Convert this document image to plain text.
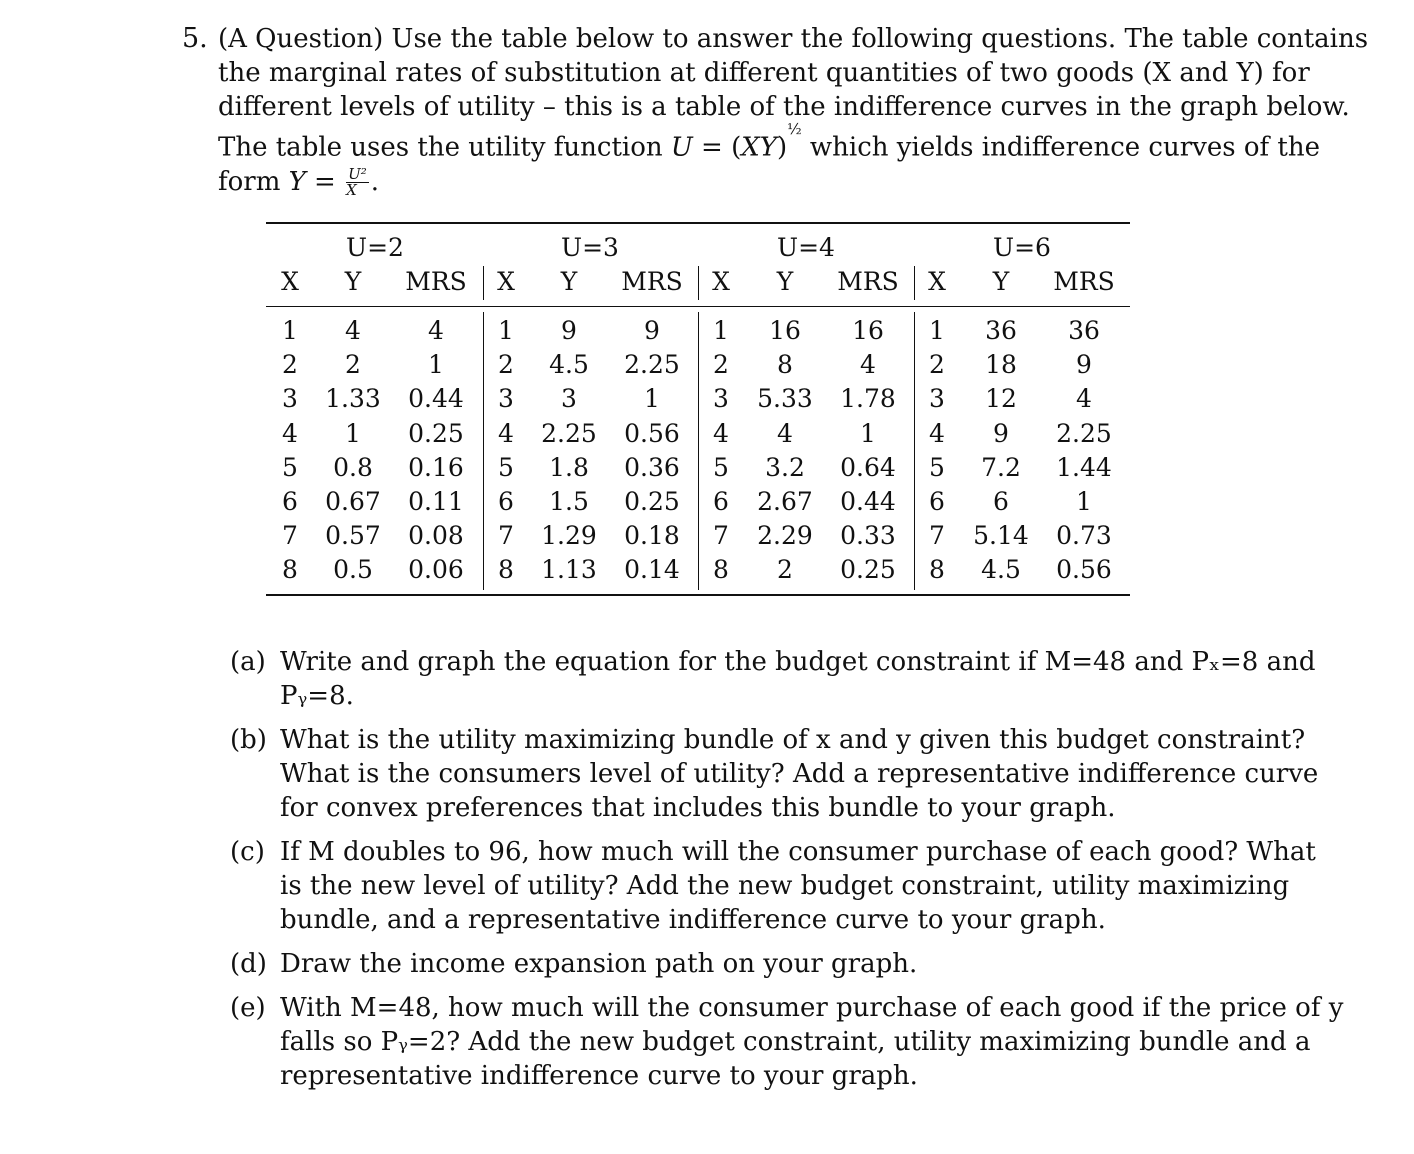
5. (A Question) Use the table below to answer the following questions. The table contains
the marginal rates of substitution at different quantities of two goods (X and Y) for
different levels of utility – this is a table of the indifference curves in the graph below.
The table uses the utility function U = (XY)$^{\frac{1}{2}}$ which yields indifference curves of the
form $Y = \frac{\text{U²}}{X}$ .
U=2	U=3	U=4	U=6
X	Y	MRS	X	Y	MRS	X	Y	MRS	X	Y	MRS
1	4	4	1	9	9	1	16	16	1	36	36
2	2	1	2	4.5	2.25	2	8	4	2	18	9
3	1.33	0.44	3	3	1	3	5.33	1.78	3	12	4
4	1	0.25	4	2.25	0.56	4	4	1	4	9	2.25
5	0.8	0.16	5	1.8	0.36	5	3.2	0.64	5	7.2	1.44
6	0.67	0.11	6	1.5	0.25	6	2.67	0.44	6	6	1
7	0.57	0.08	7	1.29	0.18	7	2.29	0.33	7	5.14	0.73
8	0.5	0.06	8	1.13	0.14	8	2	0.25	8	4.5	0.56
(a) Write and graph the equation for the budget constraint if M=48 and Pₓ=8 and
Pᵧ=8.
(b) What is the utility maximizing bundle of x and y given this budget constraint?
What is the consumers level of utility? Add a representative indifference curve
for convex preferences that includes this bundle to your graph.
(c) If M doubles to 96, how much will the consumer purchase of each good? What
is the new level of utility? Add the new budget constraint, utility maximizing
bundle, and a representative indifference curve to your graph.
(d) Draw the income expansion path on your graph.
(e) With M=48, how much will the consumer purchase of each good if the price of y
falls so Pᵧ=2? Add the new budget constraint, utility maximizing bundle and a
representative indifference curve to your graph.
